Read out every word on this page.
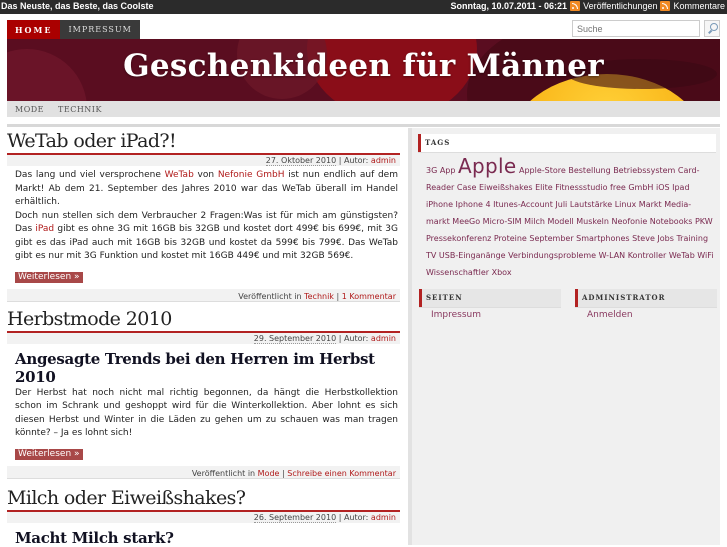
Das Neuste, das Beste, das Coolste	Sonntag, 10.07.2011 - 06:21 Veröffentlichungen Kommentare
HOME	IMPRESSUM
Suche
Geschenkideen für Männer
MODE TECHNIK
WeTab oder iPad?!
27. Oktober 2010 | Autor: admin
Das lang und viel versprochene WeTab von Nefonie GmbH ist nun endlich auf dem Markt! Ab dem 21. September des Jahres 2010 war das WeTab überall im Handel erhältlich.
Doch nun stellen sich dem Verbraucher 2 Fragen:Was ist für mich am günstigsten? Das iPad gibt es ohne 3G mit 16GB bis 32GB und kostet dort 499€ bis 699€, mit 3G gibt es das iPad auch mit 16GB bis 32GB und kostet da 599€ bis 799€. Das WeTab gibt es nur mit 3G Funktion und kostet mit 16GB 449€ und mit 32GB 569€.
Weiterlesen »
Veröffentlicht in Technik | 1 Kommentar
Herbstmode 2010
29. September 2010 | Autor: admin
Angesagte Trends bei den Herren im Herbst 2010
Der Herbst hat noch nicht mal richtig begonnen, da hängt die Herbstkollektion schon im Schrank und geshoppt wird für die Winterkollektion. Aber lohnt es sich diesen Herbst und Winter in die Läden zu gehen um zu schauen was man tragen könnte? – Ja es lohnt sich!
Weiterlesen »
Veröffentlicht in Mode | Schreibe einen Kommentar
Milch oder Eiweißshakes?
26. September 2010 | Autor: admin
Macht Milch stark?
TAGS
3G App Apple Apple-Store Bestellung Betriebssystem Card-Reader Case Eiweißshakes Elite Fitnessstudio free GmbH iOS Ipad iPhone Iphone 4 Itunes-Account Juli Lautstärke Linux Markt Media-markt MeeGo Micro-SIM Milch Modell Muskeln Neofonie Notebooks PKW Pressekonferenz Proteine September Smartphones Steve Jobs Training TV USB-Einganänge Verbindungsprobleme W-LAN Kontroller WeTab WiFi Wissenschaftler Xbox
SEITEN
Impressum
ADMINISTRATOR
Anmelden
